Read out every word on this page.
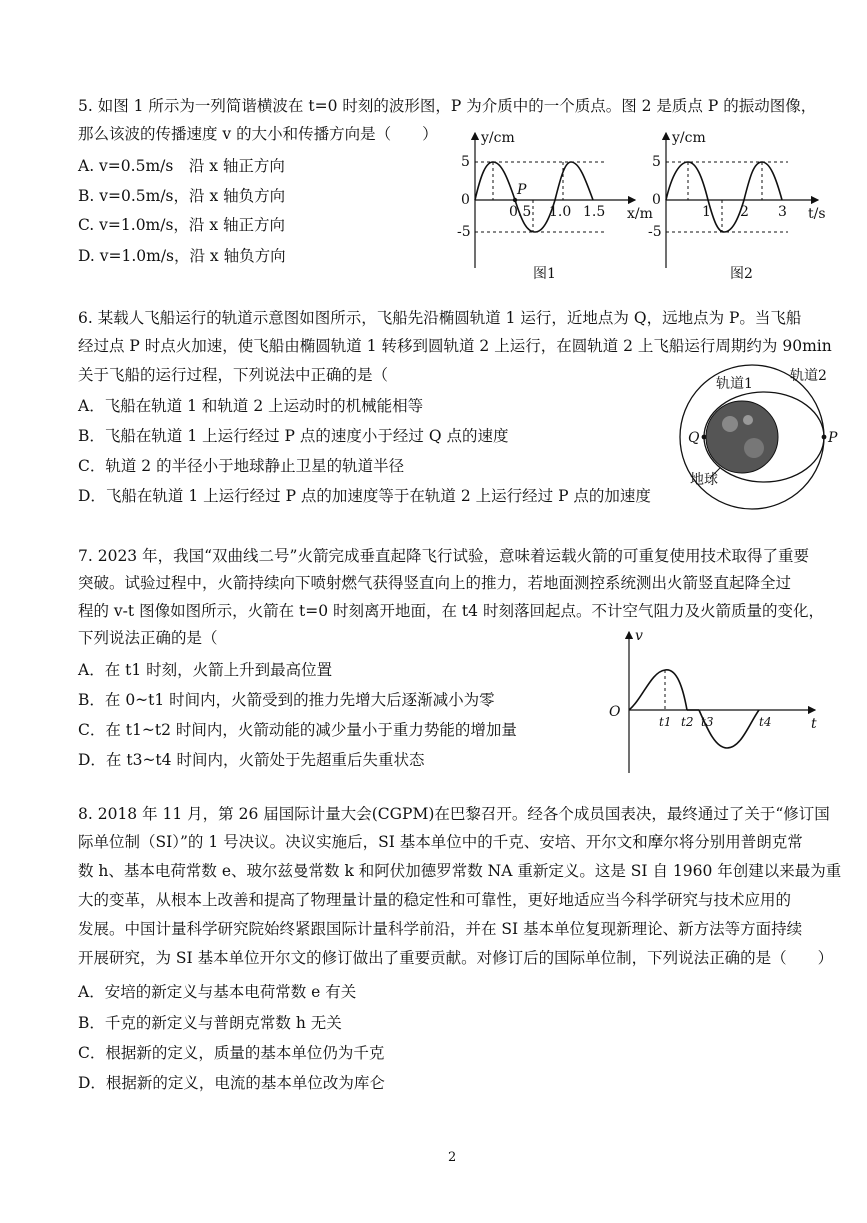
5. 如图 1 所示为一列简谐横波在 t=0 时刻的波形图，P 为介质中的一个质点。图 2 是质点 P 的振动图像，
那么该波的传播速度 v 的大小和传播方向是（　　）
A. v=0.5m/s　沿 x 轴正方向
B. v=0.5m/s，沿 x 轴负方向
C. v=1.0m/s，沿 x 轴正方向
D. v=1.0m/s，沿 x 轴负方向
y/cm
x/m
5
0
-5
0.5 1.0 1.5
P
图1
y/cm
t/s
5
0
-5
1 2 3
图2
6. 某载人飞船运行的轨道示意图如图所示，飞船先沿椭圆轨道 1 运行，近地点为 Q，远地点为 P。当飞船
经过点 P 时点火加速，使飞船由椭圆轨道 1 转移到圆轨道 2 上运行，在圆轨道 2 上飞船运行周期约为 90min
关于飞船的运行过程，下列说法中正确的是（
A．飞船在轨道 1 和轨道 2 上运动时的机械能相等
B．飞船在轨道 1 上运行经过 P 点的速度小于经过 Q 点的速度
C．轨道 2 的半径小于地球静止卫星的轨道半径
D．飞船在轨道 1 上运行经过 P 点的加速度等于在轨道 2 上运行经过 P 点的加速度
轨道1	轨道2
地球
P
Q
7. 2023 年，我国“双曲线二号”火箭完成垂直起降飞行试验，意味着运载火箭的可重复使用技术取得了重要
突破。试验过程中，火箭持续向下喷射燃气获得竖直向上的推力，若地面测控系统测出火箭竖直起降全过
程的 v-t 图像如图所示，火箭在 t=0 时刻离开地面，在 t4 时刻落回起点。不计空气阻力及火箭质量的变化，
下列说法正确的是（
A．在 t1 时刻，火箭上升到最高位置
B．在 0~t1 时间内，火箭受到的推力先增大后逐渐减小为零
C．在 t1~t2 时间内，火箭动能的减少量小于重力势能的增加量
D．在 t3~t4 时间内，火箭处于先超重后失重状态
O
v
t
t1 t2 t3	t4
8. 2018 年 11 月，第 26 届国际计量大会(CGPM)在巴黎召开。经各个成员国表决，最终通过了关于“修订国
际单位制（SI）”的 1 号决议。决议实施后，SI 基本单位中的千克、安培、开尔文和摩尔将分别用普朗克常
数 h、基本电荷常数 e、玻尔兹曼常数 k 和阿伏加德罗常数 NA 重新定义。这是 SI 自 1960 年创建以来最为重
大的变革，从根本上改善和提高了物理量计量的稳定性和可靠性，更好地适应当今科学研究与技术应用的
发展。中国计量科学研究院始终紧跟国际计量科学前沿，并在 SI 基本单位复现新理论、新方法等方面持续
开展研究，为 SI 基本单位开尔文的修订做出了重要贡献。对修订后的国际单位制，下列说法正确的是（　　）
A．安培的新定义与基本电荷常数 e 有关
B．千克的新定义与普朗克常数 h 无关
C．根据新的定义，质量的基本单位仍为千克
D．根据新的定义，电流的基本单位改为库仑
2
